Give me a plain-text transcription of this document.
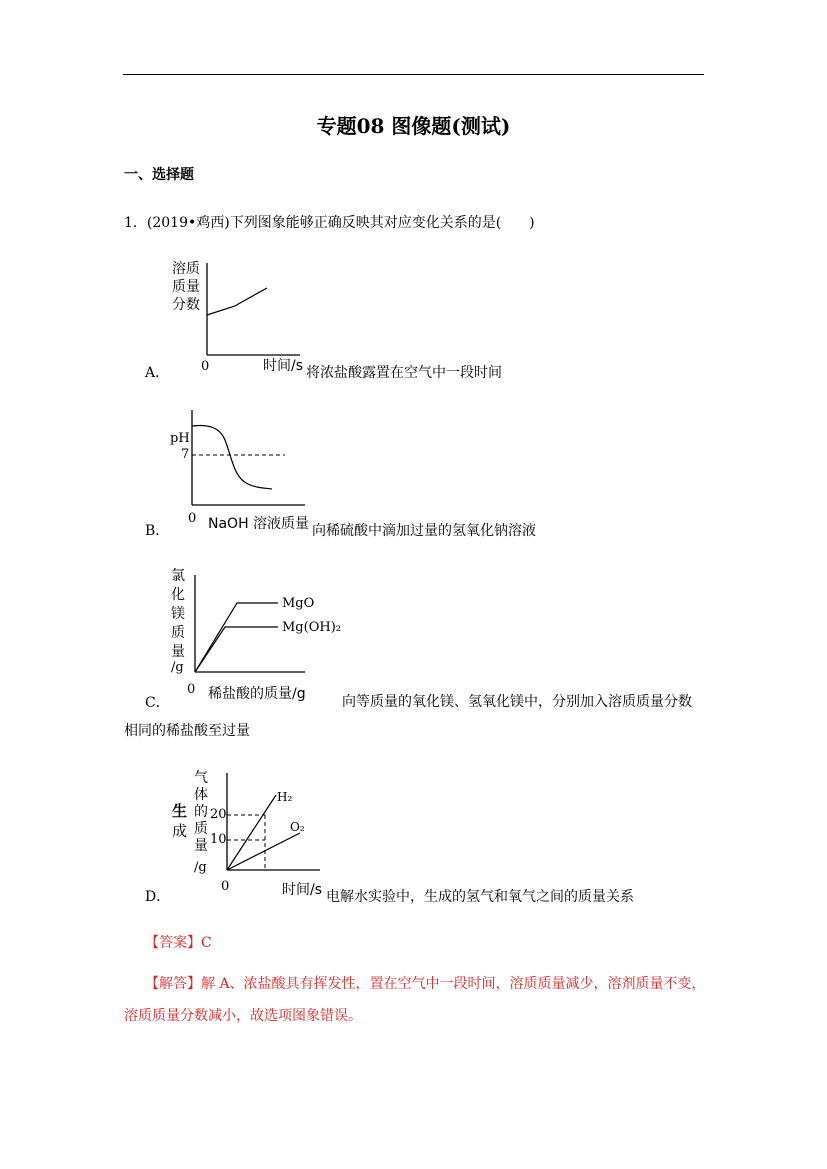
专题08 图像题(测试)
一、选择题
1．(2019•鸡西)下列图象能够正确反映其对应变化关系的是(　　)
溶质
质量
分数
0	时间/s
A．	将浓盐酸露置在空气中一段时间
pH
7
0 NaOH 溶液质量
B．	向稀硫酸中滴加过量的氢氧化钠溶液
氯
化
镁
质
量
/g
MgO
Mg(OH)₂
0 稀盐酸的质量/g
C．	向等质量的氧化镁、氢氧化镁中，分别加入溶质质量分数
相同的稀盐酸至过量
生
成
气
体
的
质
量
/g
20
10
H₂
O₂
0	时间/s
D．	电解水实验中，生成的氢气和氧气之间的质量关系
【答案】C
【解答】解 A、浓盐酸具有挥发性，置在空气中一段时间，溶质质量减少，溶剂质量不变，溶质质量分数减小，故选项图象错误。
